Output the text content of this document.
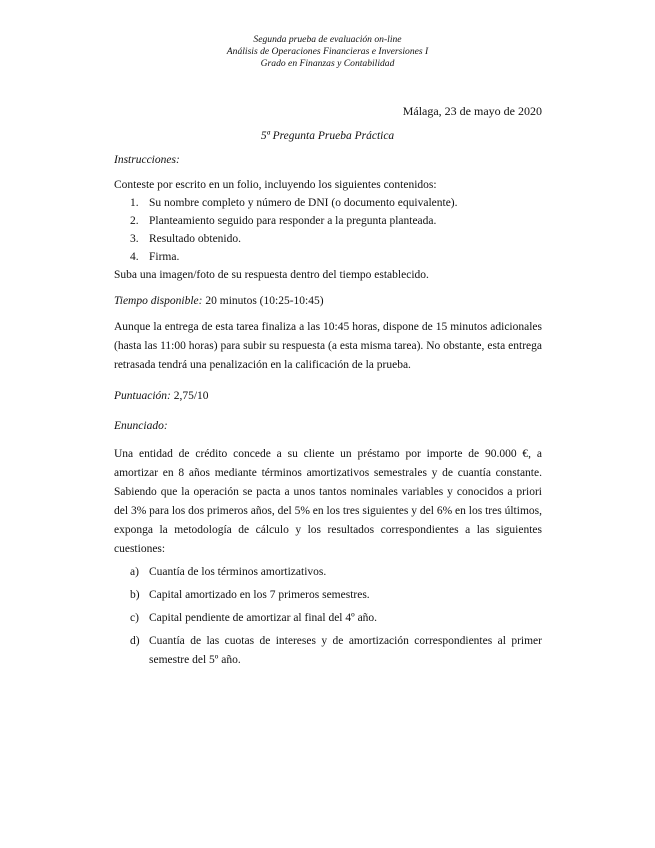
Segunda prueba de evaluación on-line
Análisis de Operaciones Financieras e Inversiones I
Grado en Finanzas y Contabilidad
Málaga, 23 de mayo de 2020
5ª Pregunta Prueba Práctica

Instrucciones:

Conteste por escrito en un folio, incluyendo los siguientes contenidos:

1. Su nombre completo y número de DNI (o documento equivalente).
2. Planteamiento seguido para responder a la pregunta planteada.
3. Resultado obtenido.
4. Firma.

Suba una imagen/foto de su respuesta dentro del tiempo establecido.

Tiempo disponible: 20 minutos (10:25-10:45)

Aunque la entrega de esta tarea finaliza a las 10:45 horas, dispone de 15 minutos adicionales (hasta las 11:00 horas) para subir su respuesta (a esta misma tarea). No obstante, esta entrega retrasada tendrá una penalización en la calificación de la prueba.

Puntuación: 2,75/10

Enunciado:

Una entidad de crédito concede a su cliente un préstamo por importe de 90.000 €, a amortizar en 8 años mediante términos amortizativos semestrales y de cuantía constante. Sabiendo que la operación se pacta a unos tantos nominales variables y conocidos a priori del 3% para los dos primeros años, del 5% en los tres siguientes y del 6% en los tres últimos, exponga la metodología de cálculo y los resultados correspondientes a las siguientes cuestiones:

a) Cuantía de los términos amortizativos.
b) Capital amortizado en los 7 primeros semestres.
c) Capital pendiente de amortizar al final del 4º año.
d) Cuantía de las cuotas de intereses y de amortización correspondientes al primer semestre del 5º año.
